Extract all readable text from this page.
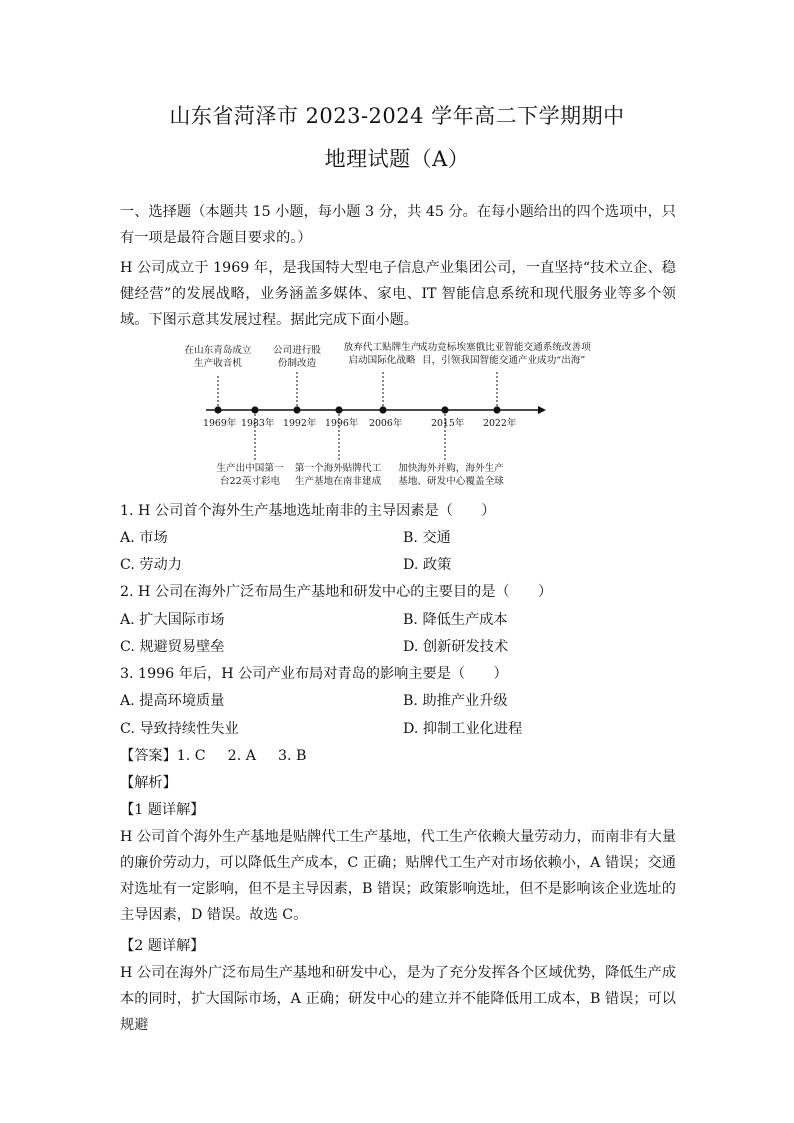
山东省菏泽市 2023-2024 学年高二下学期期中
地理试题（A）

一、选择题（本题共 15 小题，每小题 3 分，共 45 分。在每小题给出的四个选项中，只有一项是最符合题目要求的。）

H 公司成立于 1969 年，是我国特大型电子信息产业集团公司，一直坚持“技术立企、稳健经营”的发展战略，业务涵盖多媒体、家电、IT 智能信息系统和现代服务业等多个领域。下图示意其发展过程。据此完成下面小题。

在山东青岛成立
生产收音机
公司进行股
份制改造
放弃代工贴牌生产
启动国际化战略
成功竞标埃塞俄比亚智能交通系统改善项
目，引领我国智能交通产业成功“出海”
1969年 1983年 1992年 1996年 2006年	2015年 2022年
生产出中国第一
台22英寸彩电
第一个海外贴牌代工
生产基地在南非建成
加快海外并购，海外生产
基地、研发中心覆盖全球
1. H 公司首个海外生产基地选址南非的主导因素是（　　）
A. 市场	B. 交通
C. 劳动力	D. 政策
2. H 公司在海外广泛布局生产基地和研发中心的主要目的是（　　）
A. 扩大国际市场	B. 降低生产成本
C. 规避贸易壁垒	D. 创新研发技术
3. 1996 年后，H 公司产业布局对青岛的影响主要是（　　）
A. 提高环境质量	B. 助推产业升级
C. 导致持续性失业	D. 抑制工业化进程
【答案】1. C 2. A 3. B
【解析】
【1 题详解】

H 公司首个海外生产基地是贴牌代工生产基地，代工生产依赖大量劳动力，而南非有大量的廉价劳动力，可以降低生产成本，C 正确；贴牌代工生产对市场依赖小，A 错误；交通对选址有一定影响，但不是主导因素，B 错误；政策影响选址，但不是影响该企业选址的主导因素，D 错误。故选 C。

【2 题详解】

H 公司在海外广泛布局生产基地和研发中心，是为了充分发挥各个区域优势，降低生产成本的同时，扩大国际市场，A 正确；研发中心的建立并不能降低用工成本，B 错误；可以规避
